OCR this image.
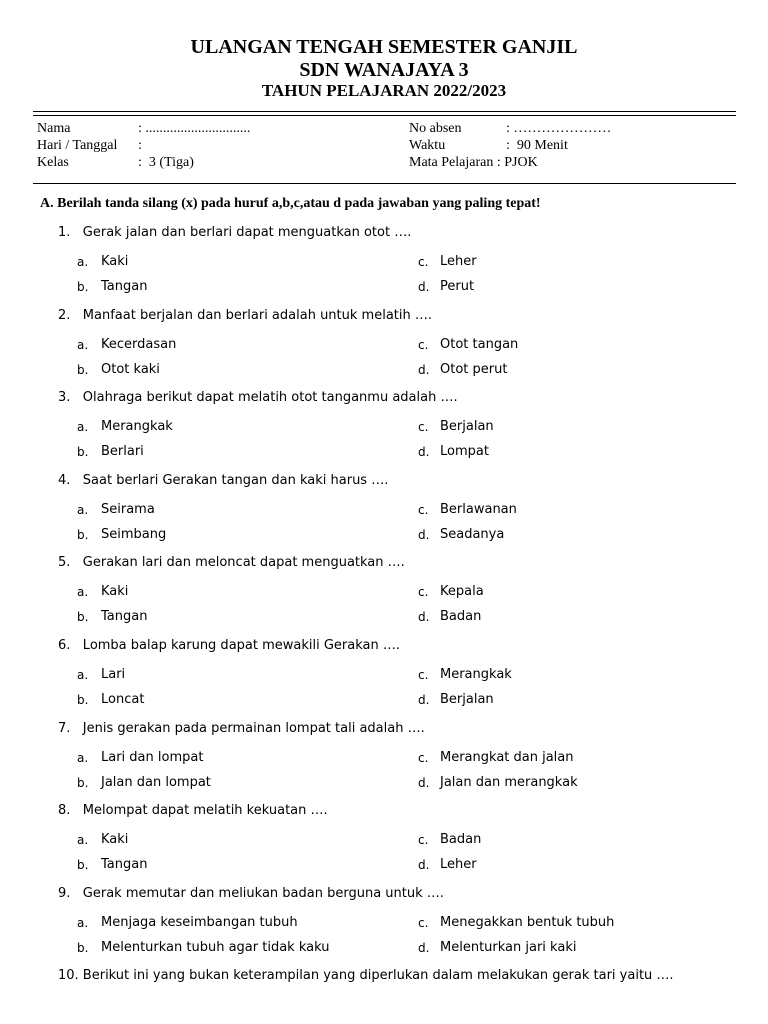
ULANGAN TENGAH SEMESTER GANJIL
SDN WANAJAYA 3
TAHUN PELAJARAN 2022/2023
Nama	: ..............................
Hari / Tanggal :
Kelas	:  3 (Tiga)
No absen	: …………………
Waktu	:  90 Menit
Mata Pelajaran : PJOK
A. Berilah tanda silang (x) pada huruf a,b,c,atau d pada jawaban yang paling tepat!
1.   Gerak jalan dan berlari dapat menguatkan otot ….
a. Kaki
b. Tangan
c. Leher
d. Perut
2.   Manfaat berjalan dan berlari adalah untuk melatih ….
a. Kecerdasan
b. Otot kaki
c. Otot tangan
d. Otot perut
3.   Olahraga berikut dapat melatih otot tanganmu adalah ….
a. Merangkak
b. Berlari
c. Berjalan
d. Lompat
4.   Saat berlari Gerakan tangan dan kaki harus ….
a. Seirama
b. Seimbang
c. Berlawanan
d. Seadanya
5.   Gerakan lari dan meloncat dapat menguatkan ….
a. Kaki
b. Tangan
c. Kepala
d. Badan
6.   Lomba balap karung dapat mewakili Gerakan ….
a. Lari
b. Loncat
c. Merangkak
d. Berjalan
7.   Jenis gerakan pada permainan lompat tali adalah ….
a. Lari dan lompat
b. Jalan dan lompat
c. Merangkat dan jalan
d. Jalan dan merangkak
8.   Melompat dapat melatih kekuatan ….
a. Kaki
b. Tangan
c. Badan
d. Leher
9.   Gerak memutar dan meliukan badan berguna untuk ….
a. Menjaga keseimbangan tubuh
b. Melenturkan tubuh agar tidak kaku
c. Menegakkan bentuk tubuh
d. Melenturkan jari kaki
10. Berikut ini yang bukan keterampilan yang diperlukan dalam melakukan gerak tari yaitu ….
